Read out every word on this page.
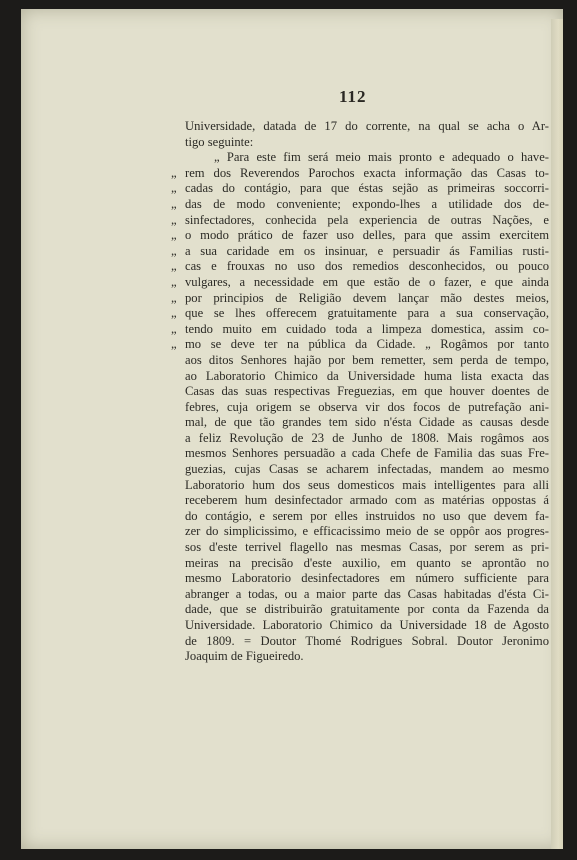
112
Universidade, datada de 17 do corrente, na qual se acha o Ar-
tigo seguinte:
„ Para este fim será meio mais pronto e adequado o have-
„ rem dos Reverendos Parochos exacta informação das Casas to-
„ cadas do contágio, para que éstas sejão as primeiras soccorri-
„ das de modo conveniente; expondo-lhes a utilidade dos de-
„ sinfectadores, conhecida pela experiencia de outras Nações, e
„ o modo prático de fazer uso delles, para que assim exercitem
„ a sua caridade em os insinuar, e persuadir ás Familias rusti-
„ cas e frouxas no uso dos remedios desconhecidos, ou pouco
„ vulgares, a necessidade em que estão de o fazer, e que ainda
„ por principios de Religião devem lançar mão destes meios,
„ que se lhes offerecem gratuitamente para a sua conservação,
„ tendo muito em cuidado toda a limpeza domestica, assim co-
„ mo se deve ter na pública da Cidade. „ Rogâmos por tanto
aos ditos Senhores hajão por bem remetter, sem perda de tempo,
ao Laboratorio Chimico da Universidade huma lista exacta das
Casas das suas respectivas Freguezias, em que houver doentes de
febres, cuja origem se observa vir dos focos de putrefação ani-
mal, de que tão grandes tem sido n'ésta Cidade as causas desde
a feliz Revolução de 23 de Junho de 1808. Mais rogâmos aos
mesmos Senhores persuadão a cada Chefe de Familia das suas Fre-
guezias, cujas Casas se acharem infectadas, mandem ao mesmo
Laboratorio hum dos seus domesticos mais intelligentes para alli
receberem hum desinfectador armado com as matérias oppostas á
do contágio, e serem por elles instruidos no uso que devem fa-
zer do simplicissimo, e efficacissimo meio de se oppôr aos progres-
sos d'este terrivel flagello nas mesmas Casas, por serem as pri-
meiras na precisão d'este auxilio, em quanto se aprontão no
mesmo Laboratorio desinfectadores em número sufficiente para
abranger a todas, ou a maior parte das Casas habitadas d'ésta Ci-
dade, que se distribuirão gratuitamente por conta da Fazenda da
Universidade. Laboratorio Chimico da Universidade 18 de Agosto
de 1809. = Doutor Thomé Rodrigues Sobral. Doutor Jeronimo
Joaquim de Figueiredo.
